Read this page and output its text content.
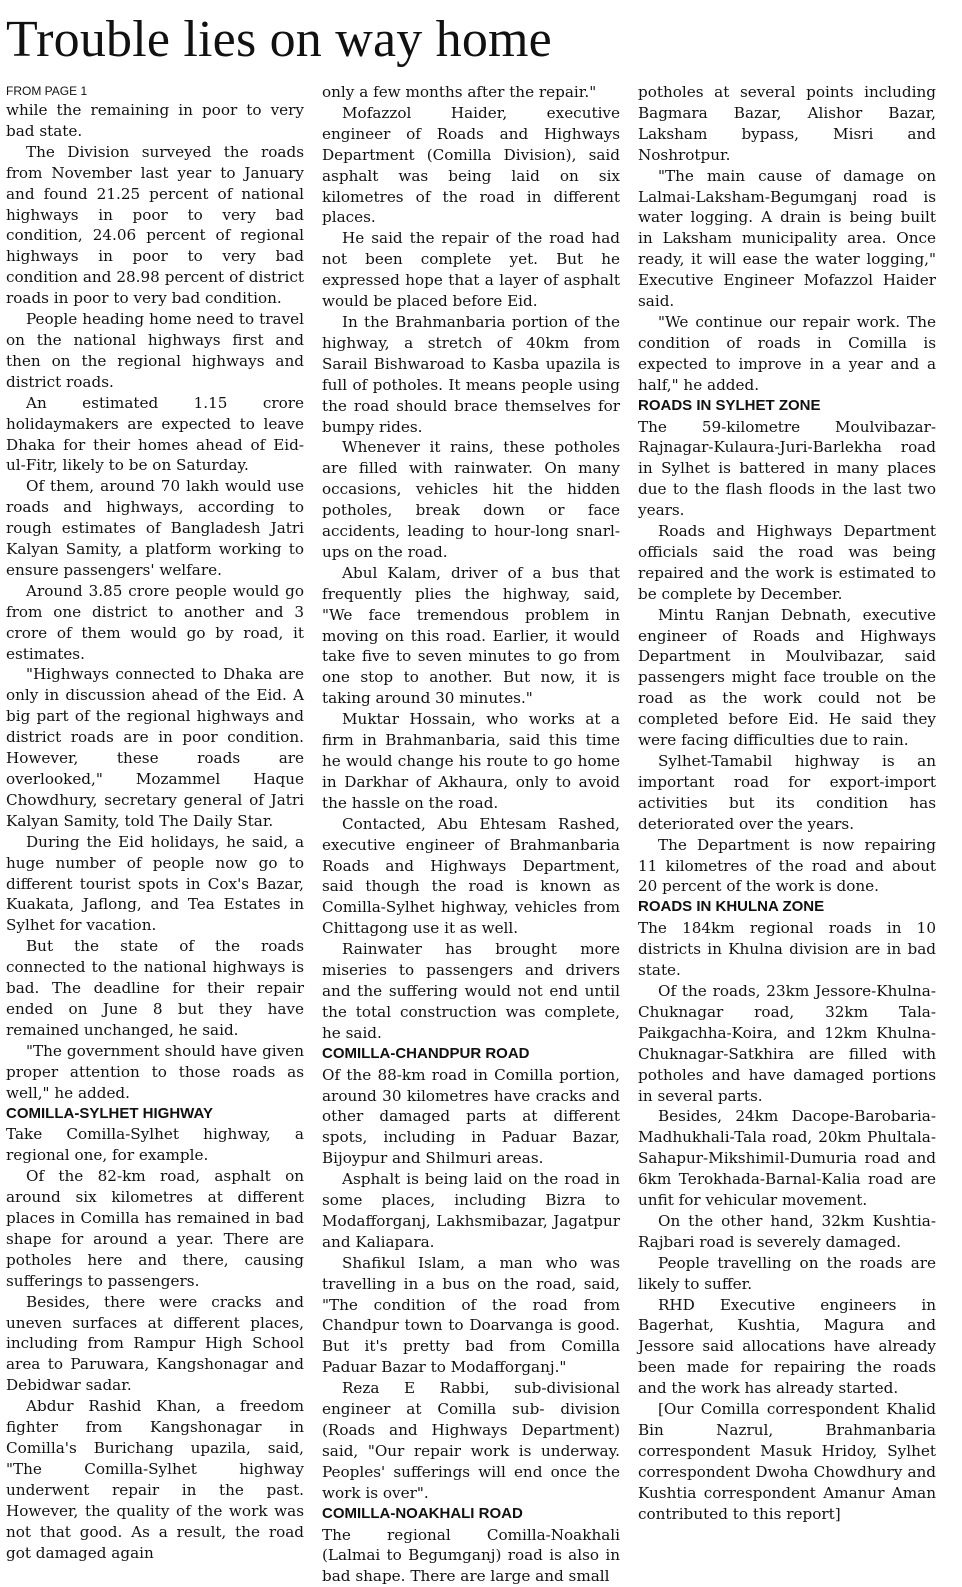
Trouble lies on way home

FROM PAGE 1

while the remaining in poor to very bad state.

The Division surveyed the roads from November last year to January and found 21.25 percent of national highways in poor to very bad condition, 24.06 percent of regional highways in poor to very bad condition and 28.98 percent of district roads in poor to very bad condition.

People heading home need to travel on the national highways first and then on the regional highways and district roads.

An estimated 1.15 crore holidaymakers are expected to leave Dhaka for their homes ahead of Eid-ul-Fitr, likely to be on Saturday.

Of them, around 70 lakh would use roads and highways, according to rough estimates of Bangladesh Jatri Kalyan Samity, a platform working to ensure passengers' welfare.

Around 3.85 crore people would go from one district to another and 3 crore of them would go by road, it estimates.

"Highways connected to Dhaka are only in discussion ahead of the Eid. A big part of the regional highways and district roads are in poor condition. However, these roads are overlooked," Mozammel Haque Chowdhury, secretary general of Jatri Kalyan Samity, told The Daily Star.

During the Eid holidays, he said, a huge number of people now go to different tourist spots in Cox's Bazar, Kuakata, Jaflong, and Tea Estates in Sylhet for vacation.

But the state of the roads connected to the national highways is bad. The deadline for their repair ended on June 8 but they have remained unchanged, he said.

"The government should have given proper attention to those roads as well," he added.

COMILLA-SYLHET HIGHWAY

Take Comilla-Sylhet highway, a regional one, for example.

Of the 82-km road, asphalt on around six kilometres at different places in Comilla has remained in bad shape for around a year. There are potholes here and there, causing sufferings to passengers.

Besides, there were cracks and uneven surfaces at different places, including from Rampur High School area to Paruwara, Kangshonagar and Debidwar sadar.

Abdur Rashid Khan, a freedom fighter from Kangshonagar in Comilla's Burichang upazila, said, "The Comilla-Sylhet highway underwent repair in the past. However, the quality of the work was not that good. As a result, the road got damaged again

only a few months after the repair."

Mofazzol Haider, executive engineer of Roads and Highways Department (Comilla Division), said asphalt was being laid on six kilometres of the road in different places.

He said the repair of the road had not been complete yet. But he expressed hope that a layer of asphalt would be placed before Eid.

In the Brahmanbaria portion of the highway, a stretch of 40km from Sarail Bishwaroad to Kasba upazila is full of potholes. It means people using the road should brace themselves for bumpy rides.

Whenever it rains, these potholes are filled with rainwater. On many occasions, vehicles hit the hidden potholes, break down or face accidents, leading to hour-long snarl-ups on the road.

Abul Kalam, driver of a bus that frequently plies the highway, said, "We face tremendous problem in moving on this road. Earlier, it would take five to seven minutes to go from one stop to another. But now, it is taking around 30 minutes."

Muktar Hossain, who works at a firm in Brahmanbaria, said this time he would change his route to go home in Darkhar of Akhaura, only to avoid the hassle on the road.

Contacted, Abu Ehtesam Rashed, executive engineer of Brahmanbaria Roads and Highways Department, said though the road is known as Comilla-Sylhet highway, vehicles from Chittagong use it as well.

Rainwater has brought more miseries to passengers and drivers and the suffering would not end until the total construction was complete, he said.

COMILLA-CHANDPUR ROAD

Of the 88-km road in Comilla portion, around 30 kilometres have cracks and other damaged parts at different spots, including in Paduar Bazar, Bijoypur and Shilmuri areas.

Asphalt is being laid on the road in some places, including Bizra to Modafforganj, Lakhsmibazar, Jagatpur and Kaliapara.

Shafikul Islam, a man who was travelling in a bus on the road, said, "The condition of the road from Chandpur town to Doarvanga is good. But it's pretty bad from Comilla Paduar Bazar to Modafforganj."

Reza E Rabbi, sub-divisional engineer at Comilla sub- division (Roads and Highways Department) said, "Our repair work is underway. Peoples' sufferings will end once the work is over".

COMILLA-NOAKHALI ROAD

The regional Comilla-Noakhali (Lalmai to Begumganj) road is also in bad shape. There are large and small

potholes at several points including Bagmara Bazar, Alishor Bazar, Laksham bypass, Misri and Noshrotpur.

"The main cause of damage on Lalmai-Laksham-Begumganj road is water logging. A drain is being built in Laksham municipality area. Once ready, it will ease the water logging," Executive Engineer Mofazzol Haider said.

"We continue our repair work. The condition of roads in Comilla is expected to improve in a year and a half," he added.

ROADS IN SYLHET ZONE

The 59-kilometre Moulvibazar-Rajnagar-Kulaura-Juri-Barlekha road in Sylhet is battered in many places due to the flash floods in the last two years.

Roads and Highways Department officials said the road was being repaired and the work is estimated to be complete by December.

Mintu Ranjan Debnath, executive engineer of Roads and Highways Department in Moulvibazar, said passengers might face trouble on the road as the work could not be completed before Eid. He said they were facing difficulties due to rain.

Sylhet-Tamabil highway is an important road for export-import activities but its condition has deteriorated over the years.

The Department is now repairing 11 kilometres of the road and about 20 percent of the work is done.

ROADS IN KHULNA ZONE

The 184km regional roads in 10 districts in Khulna division are in bad state.

Of the roads, 23km Jessore-Khulna-Chuknagar road, 32km Tala-Paikgachha-Koira, and 12km Khulna-Chuknagar-Satkhira are filled with potholes and have damaged portions in several parts.

Besides, 24km Dacope-Barobaria-Madhukhali-Tala road, 20km Phultala-Sahapur-Mikshimil-Dumuria road and 6km Terokhada-Barnal-Kalia road are unfit for vehicular movement.

On the other hand, 32km Kushtia-Rajbari road is severely damaged.

People travelling on the roads are likely to suffer.

RHD Executive engineers in Bagerhat, Kushtia, Magura and Jessore said allocations have already been made for repairing the roads and the work has already started.

[Our Comilla correspondent Khalid Bin Nazrul, Brahmanbaria correspondent Masuk Hridoy, Sylhet correspondent Dwoha Chowdhury and Kushtia correspondent Amanur Aman contributed to this report]
